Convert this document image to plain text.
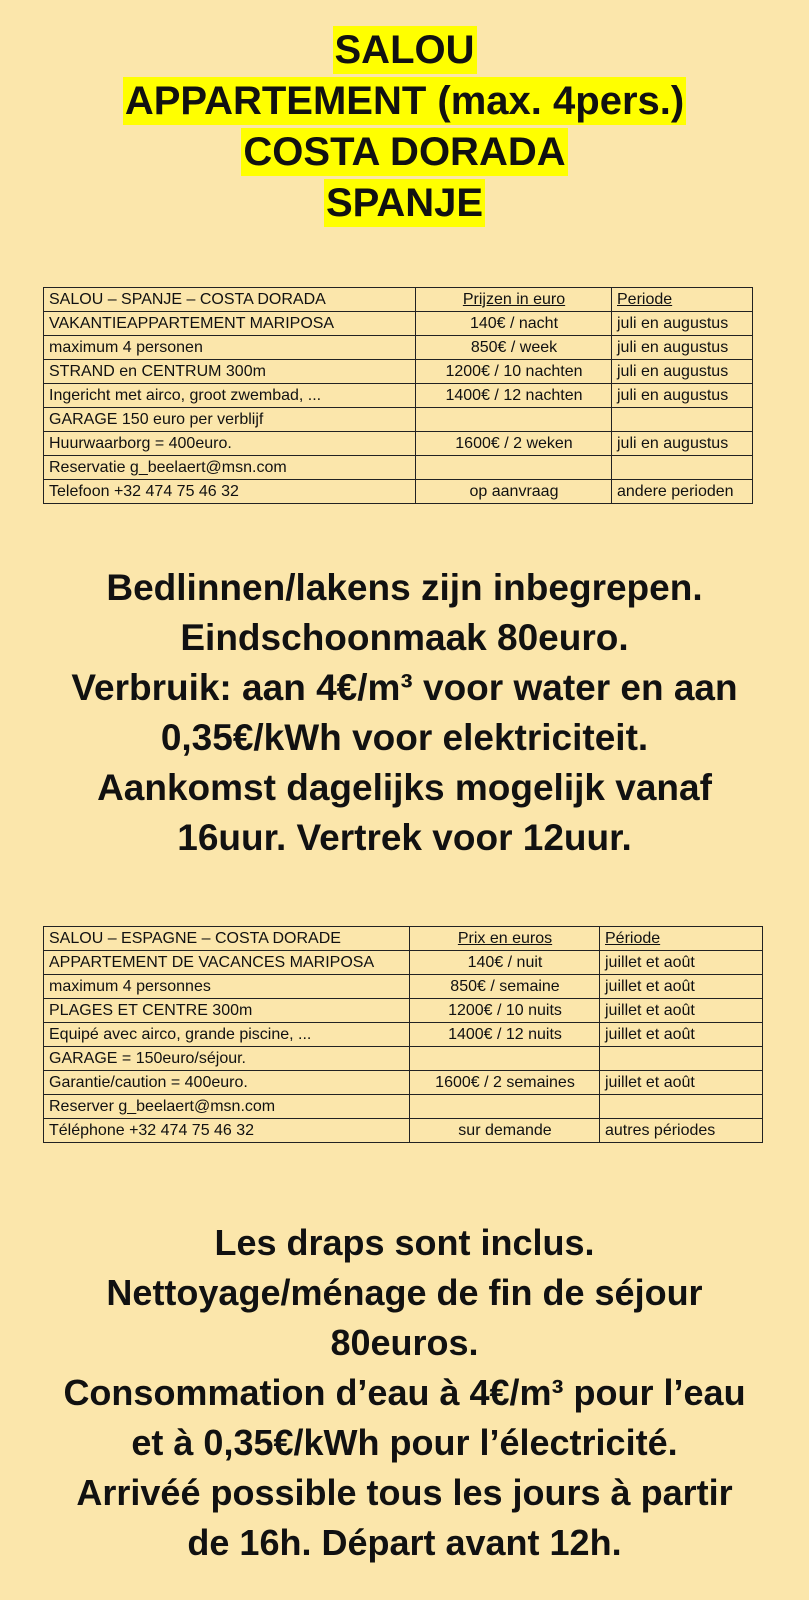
SALOU
APPARTEMENT (max. 4pers.)
COSTA DORADA
SPANJE
SALOU – SPANJE – COSTA DORADA	Prijzen in euro	Periode
VAKANTIEAPPARTEMENT MARIPOSA	140€ / nacht	juli en augustus
maximum 4 personen	850€ / week	juli en augustus
STRAND en CENTRUM 300m	1200€ / 10 nachten	juli en augustus
Ingericht met airco, groot zwembad, ...	1400€ / 12 nachten	juli en augustus
GARAGE 150 euro per verblijf		
Huurwaarborg = 400euro.	1600€ / 2 weken	juli en augustus
Reservatie g_beelaert@msn.com		
Telefoon +32 474 75 46 32	op aanvraag	andere perioden
Bedlinnen/lakens zijn inbegrepen.
Eindschoonmaak 80euro.
Verbruik: aan 4€/m³ voor water en aan
0,35€/kWh voor elektriciteit.
Aankomst dagelijks mogelijk vanaf
16uur. Vertrek voor 12uur.
SALOU – ESPAGNE – COSTA DORADE	Prix en euros	Période
APPARTEMENT DE VACANCES MARIPOSA	140€ / nuit	juillet et août
maximum 4 personnes	850€ / semaine	juillet et août
PLAGES ET CENTRE 300m	1200€ / 10 nuits	juillet et août
Equipé avec airco, grande piscine, ...	1400€ / 12 nuits	juillet et août
GARAGE = 150euro/séjour.		
Garantie/caution = 400euro.	1600€ / 2 semaines	juillet et août
Reserver g_beelaert@msn.com		
Téléphone +32 474 75 46 32	sur demande	autres périodes
Les draps sont inclus.
Nettoyage/ménage de fin de séjour
80euros.
Consommation d’eau à 4€/m³ pour l’eau
et à 0,35€/kWh pour l’électricité.
Arrivéé possible tous les jours à partir
de 16h. Départ avant 12h.
